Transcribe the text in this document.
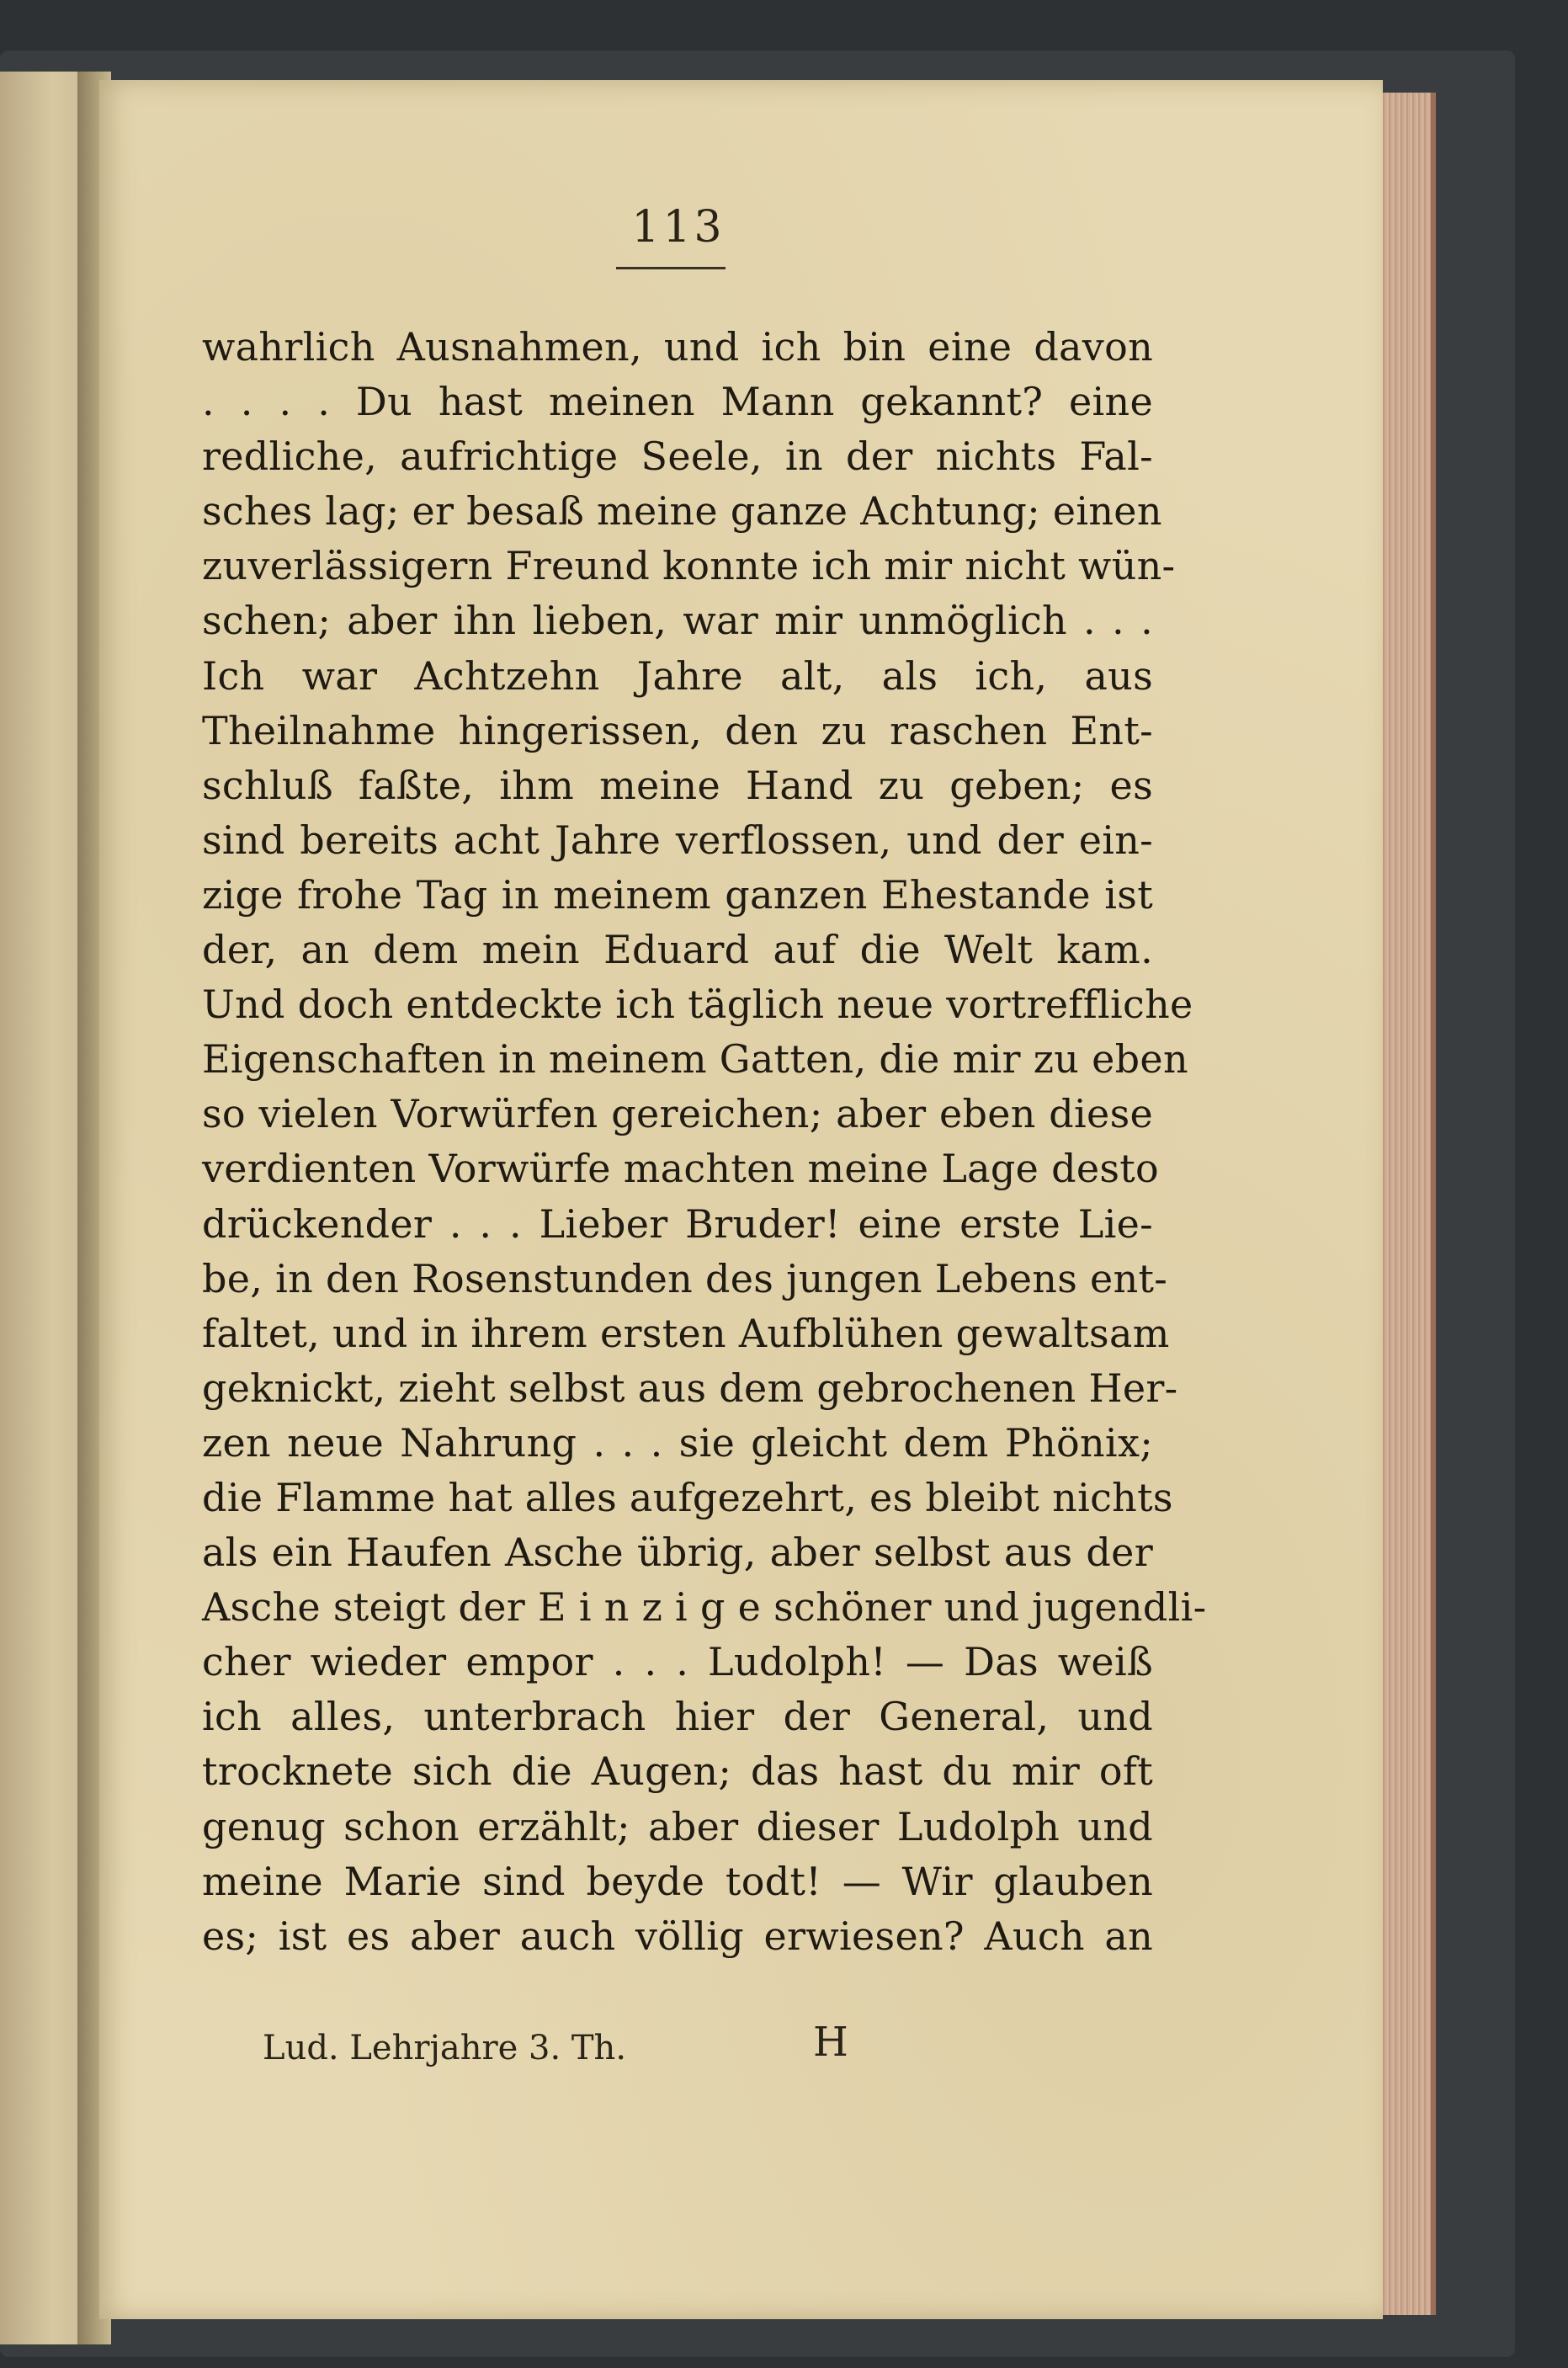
113
wahrlich Ausnahmen, und ich bin eine davon
. . . . Du hast meinen Mann gekannt? eine
redliche, aufrichtige Seele, in der nichts Fal-
sches lag; er besaß meine ganze Achtung; einen
zuverlässigern Freund konnte ich mir nicht wün-
schen; aber ihn lieben, war mir unmöglich . . .
Ich war Achtzehn Jahre alt, als ich, aus
Theilnahme hingerissen, den zu raschen Ent-
schluß faßte, ihm meine Hand zu geben; es
sind bereits acht Jahre verflossen, und der ein-
zige frohe Tag in meinem ganzen Ehestande ist
der, an dem mein Eduard auf die Welt kam.
Und doch entdeckte ich täglich neue vortreffliche
Eigenschaften in meinem Gatten, die mir zu eben
so vielen Vorwürfen gereichen; aber eben diese
verdienten Vorwürfe machten meine Lage desto
drückender . . . Lieber Bruder! eine erste Lie-
be, in den Rosenstunden des jungen Lebens ent-
faltet, und in ihrem ersten Aufblühen gewaltsam
geknickt, zieht selbst aus dem gebrochenen Her-
zen neue Nahrung . . . sie gleicht dem Phönix;
die Flamme hat alles aufgezehrt, es bleibt nichts
als ein Haufen Asche übrig, aber selbst aus der
Asche steigt der E i n z i g e schöner und jugendli-
cher wieder empor . . . Ludolph! — Das weiß
ich alles, unterbrach hier der General, und
trocknete sich die Augen; das hast du mir oft
genug schon erzählt; aber dieser Ludolph und
meine Marie sind beyde todt! — Wir glauben
es; ist es aber auch völlig erwiesen? Auch an
Lud. Lehrjahre 3. Th.	H
